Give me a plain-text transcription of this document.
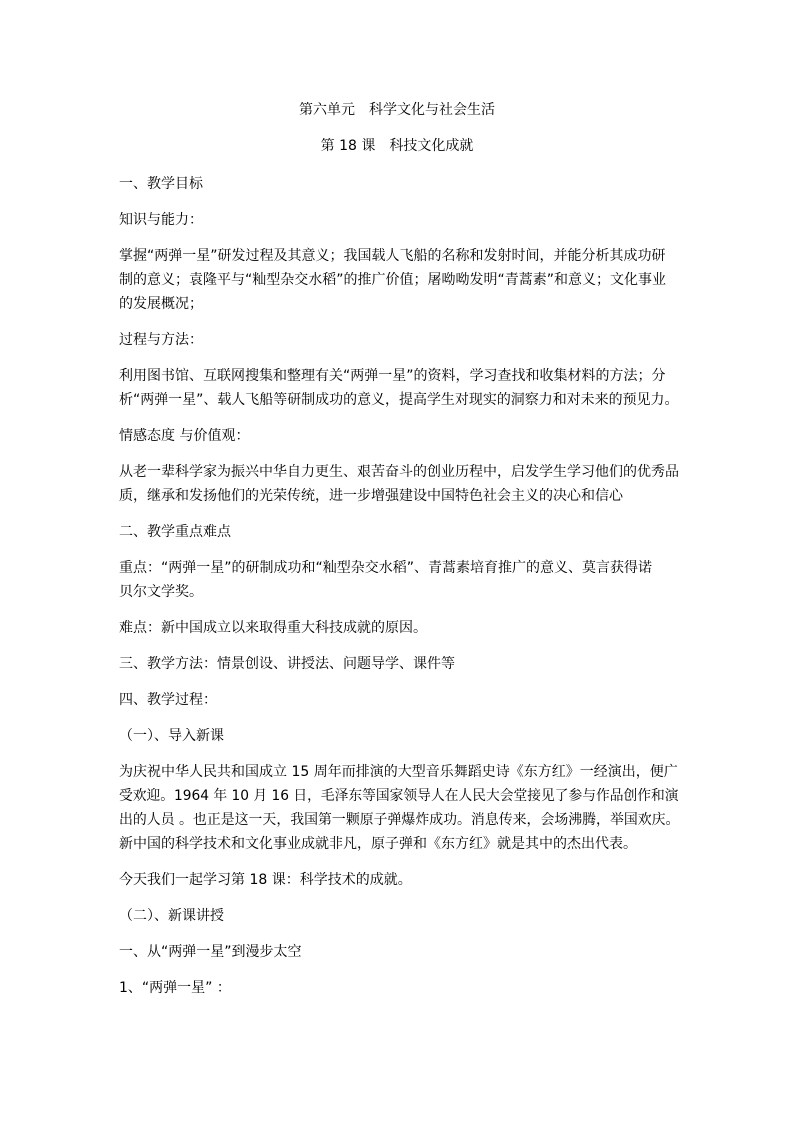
第六单元　科学文化与社会生活
第 18 课　科技文化成就
一、教学目标
知识与能力：
掌握“两弹一星”研发过程及其意义；我国载人飞船的名称和发射时间，并能分析其成功研
制的意义；袁隆平与“籼型杂交水稻”的推广价值；屠呦呦发明“青蒿素”和意义；文化事业
的发展概况；
过程与方法：
利用图书馆、互联网搜集和整理有关“两弹一星”的资料，学习查找和收集材料的方法；分
析“两弹一星”、载人飞船等研制成功的意义，提高学生对现实的洞察力和对未来的预见力。
情感态度 与价值观：
从老一辈科学家为振兴中华自力更生、艰苦奋斗的创业历程中，启发学生学习他们的优秀品
质，继承和发扬他们的光荣传统，进一步增强建设中国特色社会主义的决心和信心
二、教学重点难点
重点：“两弹一星”的研制成功和“籼型杂交水稻”、青蒿素培育推广的意义、莫言获得诺
贝尔文学奖。
难点：新中国成立以来取得重大科技成就的原因。
三、教学方法：情景创设、讲授法、问题导学、课件等
四、教学过程：
（一）、导入新课
为庆祝中华人民共和国成立 15 周年而排演的大型音乐舞蹈史诗《东方红》一经演出，便广
受欢迎。1964 年 10 月 16 日，毛泽东等国家领导人在人民大会堂接见了参与作品创作和演
出的人员 。也正是这一天，我国第一颗原子弹爆炸成功。消息传来，会场沸腾，举国欢庆。
新中国的科学技术和文化事业成就非凡，原子弹和《东方红》就是其中的杰出代表。
今天我们一起学习第 18 课：科学技术的成就。
（二）、新课讲授
一、从“两弹一星”到漫步太空
1、“两弹一星” ：
